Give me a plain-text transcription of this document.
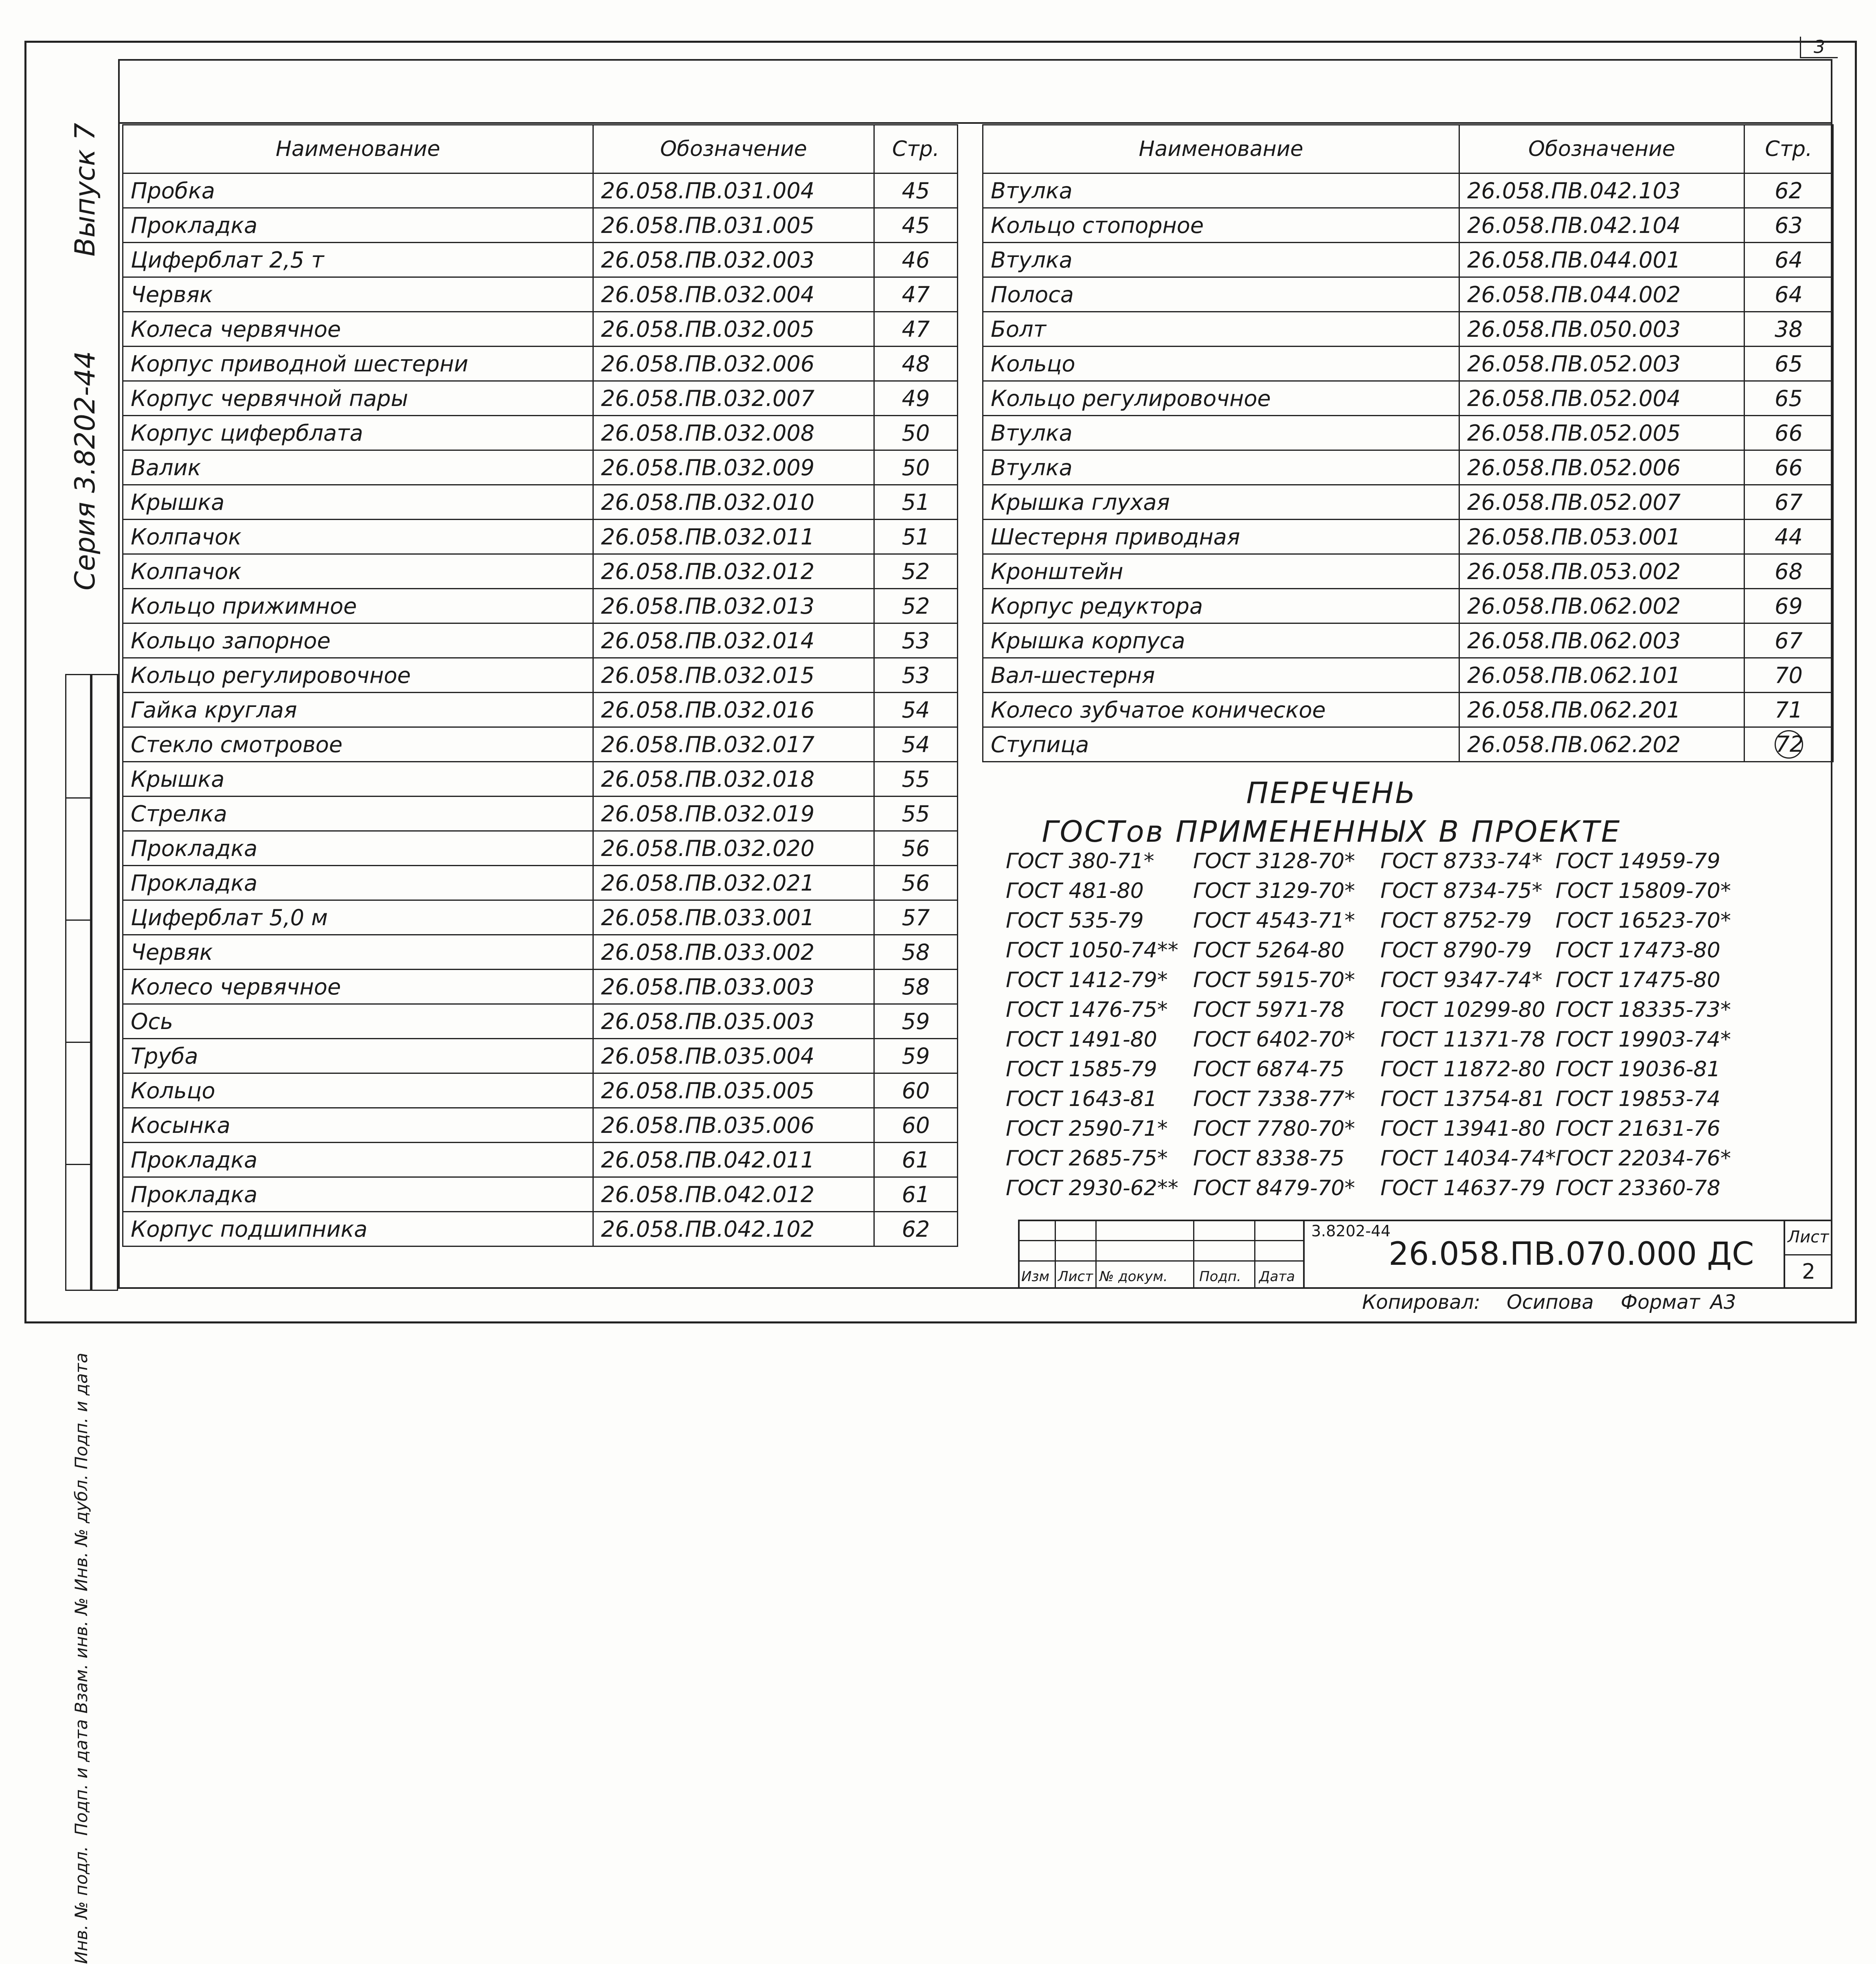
3
Выпуск 7
Серия 3.8202-44
Подп. и дата
Инв. № дубл.
Взам. инв. №
Подп. и дата
Инв. № подл.
Наименование	Обозначение	Стр.
Пробка	26.058.ПВ.031.004	45
Прокладка	26.058.ПВ.031.005	45
Циферблат 2,5 т	26.058.ПВ.032.003	46
Червяк	26.058.ПВ.032.004	47
Колеса червячное	26.058.ПВ.032.005	47
Корпус приводной шестерни	26.058.ПВ.032.006	48
Корпус червячной пары	26.058.ПВ.032.007	49
Корпус циферблата	26.058.ПВ.032.008	50
Валик	26.058.ПВ.032.009	50
Крышка	26.058.ПВ.032.010	51
Колпачок	26.058.ПВ.032.011	51
Колпачок	26.058.ПВ.032.012	52
Кольцо прижимное	26.058.ПВ.032.013	52
Кольцо запорное	26.058.ПВ.032.014	53
Кольцо регулировочное	26.058.ПВ.032.015	53
Гайка круглая	26.058.ПВ.032.016	54
Стекло смотровое	26.058.ПВ.032.017	54
Крышка	26.058.ПВ.032.018	55
Стрелка	26.058.ПВ.032.019	55
Прокладка	26.058.ПВ.032.020	56
Прокладка	26.058.ПВ.032.021	56
Циферблат 5,0 м	26.058.ПВ.033.001	57
Червяк	26.058.ПВ.033.002	58
Колесо червячное	26.058.ПВ.033.003	58
Ось	26.058.ПВ.035.003	59
Труба	26.058.ПВ.035.004	59
Кольцо	26.058.ПВ.035.005	60
Косынка	26.058.ПВ.035.006	60
Прокладка	26.058.ПВ.042.011	61
Прокладка	26.058.ПВ.042.012	61
Корпус подшипника	26.058.ПВ.042.102	62
Наименование	Обозначение	Стр.
Втулка	26.058.ПВ.042.103	62
Кольцо стопорное	26.058.ПВ.042.104	63
Втулка	26.058.ПВ.044.001	64
Полоса	26.058.ПВ.044.002	64
Болт	26.058.ПВ.050.003	38
Кольцо	26.058.ПВ.052.003	65
Кольцо регулировочное	26.058.ПВ.052.004	65
Втулка	26.058.ПВ.052.005	66
Втулка	26.058.ПВ.052.006	66
Крышка глухая	26.058.ПВ.052.007	67
Шестерня приводная	26.058.ПВ.053.001	44
Кронштейн	26.058.ПВ.053.002	68
Корпус редуктора	26.058.ПВ.062.002	69
Крышка корпуса	26.058.ПВ.062.003	67
Вал-шестерня	26.058.ПВ.062.101	70
Колесо зубчатое коническое	26.058.ПВ.062.201	71
Ступица	26.058.ПВ.062.202	72
ПЕРЕЧЕНЬ
ГОСТов ПРИМЕНЕННЫХ В ПРОЕКТЕ
ГОСТ 380-71*	ГОСТ 3128-70*	ГОСТ 8733-74* ГОСТ 14959-79
ГОСТ 481-80	ГОСТ 3129-70*	ГОСТ 8734-75* ГОСТ 15809-70*
ГОСТ 535-79	ГОСТ 4543-71*	ГОСТ 8752-79	ГОСТ 16523-70*
ГОСТ 1050-74** ГОСТ 5264-80	ГОСТ 8790-79	ГОСТ 17473-80
ГОСТ 1412-79*	ГОСТ 5915-70*	ГОСТ 9347-74* ГОСТ 17475-80
ГОСТ 1476-75*	ГОСТ 5971-78	ГОСТ 10299-80 ГОСТ 18335-73*
ГОСТ 1491-80	ГОСТ 6402-70*	ГОСТ 11371-78 ГОСТ 19903-74*
ГОСТ 1585-79	ГОСТ 6874-75	ГОСТ 11872-80 ГОСТ 19036-81
ГОСТ 1643-81	ГОСТ 7338-77*	ГОСТ 13754-81 ГОСТ 19853-74
ГОСТ 2590-71*	ГОСТ 7780-70*	ГОСТ 13941-80 ГОСТ 21631-76
ГОСТ 2685-75*	ГОСТ 8338-75	ГОСТ 14034-74* ГОСТ 22034-76*
ГОСТ 2930-62** ГОСТ 8479-70*	ГОСТ 14637-79 ГОСТ 23360-78
Изм Лист № докум. Подп. Дата
3.8202-44
26.058.ПВ.070.000 ДС Лист
2
Копировал: Осипова Формат А3
